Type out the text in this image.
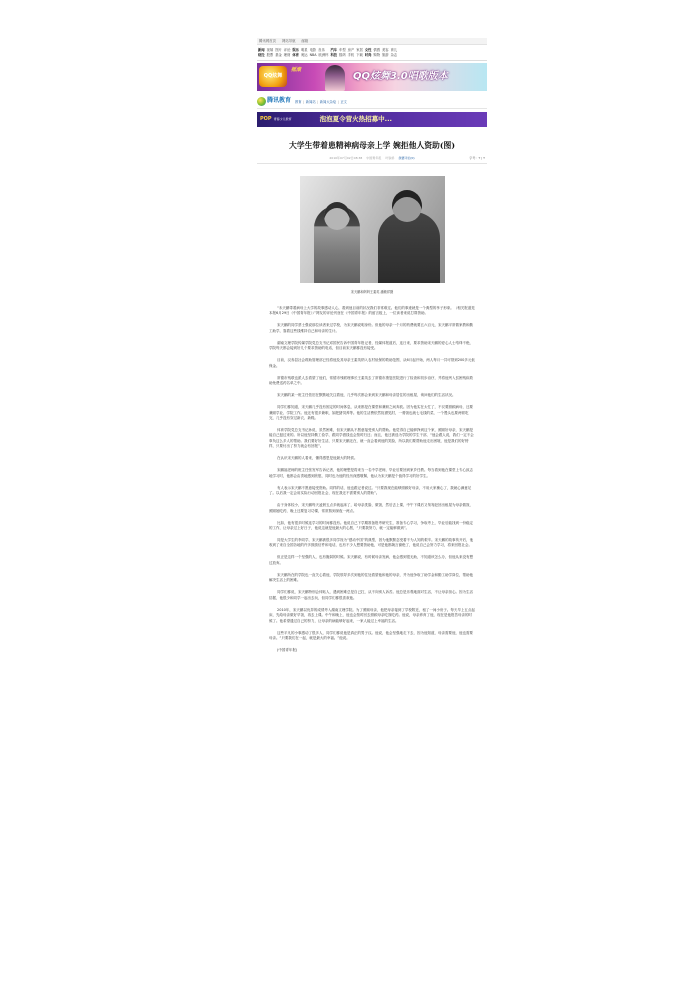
腾讯网首页 网站导航 邮箱
新闻 视频 图片 评论
财经 股票 基金 理财
娱乐 明星 电影 音乐
体育 奥运 NBA 欧洲杯
汽车 车型 房产 家居
科技 数码 手机 下载
女性 情感 美容 育儿
时尚 购物 旅游 杂志
QQ炫舞
摇滚
QQ炫舞3.0唱歌版本
腾讯教育 教育 | 新闻站 | 新闻大杂烩 | 正文
POP 青春少儿教育	泡泡夏令营火热招募中...
大学生带着患精神病母亲上学 婉拒他人资助(图)
2010年07月02日08:38 中国青年报 叶铁桥 我要评论(0)	字号：T | T
宋天鹏和妈妈王素英 潘敏祥摄

“未天鹏带着病母上大学的故事感动人心，看到他目前的状况我们非常难过。他们的事迹就是一个典型的孝子形象。（相关报道见本报6月29日《中国青年报》）”网友的评论刊登在《中国青年报》的留言板上，一位读者来说打算资助。

宋天鹏的同学蔡士强说那位读者来过学校，为宋天鹏说明身份。但他的母亲一个月的药费就要五六百元，宋天鹏平常做家教和勤工助学，靠着这些钱维持自己和母亲的生计。

湖南文理学院传媒学院党总支书记邓国民告诉中国青年报记者，经媒体报道后，连日来，要求资助宋天鹏的爱心人士络绎不绝，学院每天都会接到好几个要求资助的电话，但目前宋天鹏都没有接受。

目前，汉寿县社会救助管理部已经将他及其母亲王素英纳入农村低保的救助范围，从6月起开始，两人每月一共可领到200多元低保金。

常德市残联也派人去看望了他们，常德市残联理事长王素英去了常德市康复医院进行了检查和初步治疗，并将他列入贫困残疾救助免费送药名单之中。

宋天鹏的某一班主任依旧在默默地关注着他，几乎每次都会来到宋天鹏和母亲居住的出租屋，询问他们的生活状况。

同学们都知道，宋天鹏几乎没有固定的时间休息，从来都是在课堂和兼职之间奔波。因为他实在太忙了，不仅要照顾病母，还要兼顾学业、学院工作。他还有很多兼职，如肥猪饲养等。他的生活费依然捉襟见肘，一餐饭也就七毛钱的菜，一个馒头也要两顿吃完，几乎没有穿过新衣、新鞋。

体育学院党总支书记孙说，虽然困难，但宋天鹏从不愿意接受别人的帮助。他觉得自己能够挣到这个家，照顾好母亲，宋天鹏是能自己挺过来的。所以他坚持勤工俭学，跟同学借钱也会按时归还；而且，他还被选为学院的学生干部，“他会跟人说，我们一定不会辜负这么多人的帮助。我们要好好生活，只要宋天鹏还在，就一直会看到他的笑脸，所以我们要帮助他走出困境，他是我们的好榜样，只要付出了努力就会有回报”。

在认识宋天鹏的人看来，懂得感恩是他最大的特质。

宋鹏福老师的班主任张发军告诉记者，他的理想是将来当一名中学老师，毕业后要回到家乡任教。每当看到他在课堂上专心致志地学习时，他都会由衷地感到欣慰，同时也为他的经历深感敬佩，他认为宋天鹏是个值得学习的好学生。

有人表示宋天鹏不愿意接受资助。同样的话，他也跟记者说过。“只要我现在能够照顾好母亲，不用大家操心了，我就心满意足了。以后我一定会用实际行动回报社会，现在我还不需要别人的帮助”。

由于身体较小，宋天鹏每天凌晨五点多就起床了，给母亲洗脸、做饭，然后去上课，中午下课后又匆匆赶回出租屋为母亲做饭，照顾她吃药，晚上还要复习功课，常常熬到深夜一两点。

比如，他有很多时候连学习的时间都没有。他说自己下学期准备报考研究生，准备专心学习，争取考上，毕业后能找到一份稳定的工作，让母亲过上好日子，他说这就是他最大的心愿，“只要我努力，就一定能够做到”。

同是大学生的李同学，宋天鹏被很多同学视为“感动中国”的典型，因为他默默忍受着不为人知的艰辛。宋天鹏的故事传开后，他收到了来自全国各地的许多鼓励信件和电话，也有不少人想要资助他，可是他都婉言谢绝了，他说自己会努力学习，将来回报社会。

但正是这样一个坚强的人，也有脆弱的时候。宋天鹏说，有时候母亲发病，他会感到很无助，不知道该怎么办，但他从来没有想过放弃。

宋天鹏所在的学院也一直关心着他，学院领导多次到他的住处看望他和他的母亲，并为他争取了助学金和勤工助学岗位，帮助他解决生活上的困难。

同学们都说，宋天鹏特别会体贴人，遇到困难总是自己扛，从不向别人诉苦。他总是乐观地面对生活，不让母亲担心。因为生活拮据，他很少和同学一起出去玩，但同学们都很喜欢他。

2010年，宋天鹏以优异的成绩考入湖南文理学院。为了照顾母亲，他把母亲接到了学校附近，租了一间小房子。每天早上五点起床，先给母亲做好早饭，再去上课。中午和晚上，他也会按时回去照顾母亲吃饭吃药。他说，母亲养育了他，现在是他报答母亲的时候了。他希望通过自己的努力，让母亲的病能够好起来，一家人能过上幸福的生活。

这些平凡的小事感动了很多人，同学们都说他是真正的男子汉。他说，他会坚强地走下去，因为他知道，母亲需要他，他也需要母亲。“只要我们在一起，就是最大的幸福。”他说。

(中国青年报)
